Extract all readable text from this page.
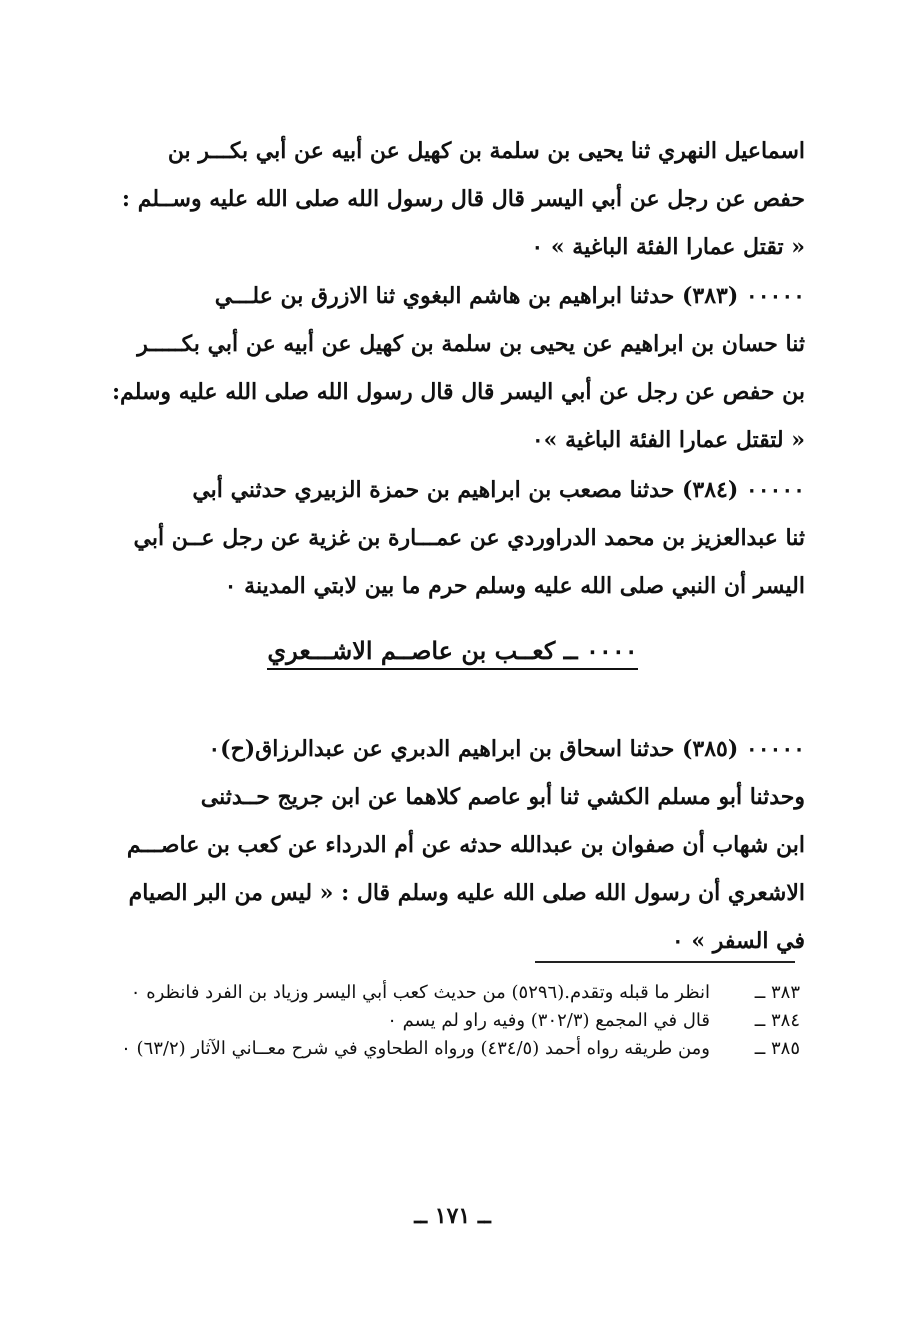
اسماعيل النهري ثنا يحيى بن سلمة بن كهيل عن أبيه عن أبي بكـــر بن

حفص عن رجل عن أبي اليسر قال قال رسول الله صلى الله عليه وســلم :

« تقتل عمارا الفئة الباغية » ٠

٠٠٠٠٠ (٣٨٣) حدثنا ابراهيم بن هاشم البغوي ثنا الازرق بن علـــي

ثنا حسان بن ابراهيم عن يحيى بن سلمة بن كهيل عن أبيه عن أبي بكـــــر

بن حفص عن رجل عن أبي اليسر قال قال رسول الله صلى الله عليه وسلم:

« لتقتل عمارا الفئة الباغية »٠

٠٠٠٠٠ (٣٨٤) حدثنا مصعب بن ابراهيم بن حمزة الزبيري حدثني أبي

ثنا عبدالعزيز بن محمد الدراوردي عن عمـــارة بن غزية عن رجل عــن أبي

اليسر أن النبي صلى الله عليه وسلم حرم ما بين لابتي المدينة ٠

٠٠٠٠ ــ كعــب بن عاصــم الاشـــعري

٠٠٠٠٠ (٣٨٥) حدثنا اسحاق بن ابراهيم الدبري عن عبدالرزاق(ح)٠

وحدثنا أبو مسلم الكشي ثنا أبو عاصم كلاهما عن ابن جريج حــدثنى

ابن شهاب أن صفوان بن عبدالله حدثه عن أم الدرداء عن كعب بن عاصـــم

الاشعري أن رسول الله صلى الله عليه وسلم قال : « ليس من البر الصيام

في السفر » ٠

٣٨٣ ــ
انظر ما قبله وتقدم.(٥٢٩٦) من حديث كعب أبي اليسر وزياد بن الفرد فانظره ٠
٣٨٤ ــ
قال في المجمع (٣٠٢/٣) وفيه راو لم يسم ٠
٣٨٥ ــ
ومن طريقه رواه أحمد (٤٣٤/٥) ورواه الطحاوي في شرح معــاني الآثار (٦٣/٢) ٠
ــ ١٧١ ــ
